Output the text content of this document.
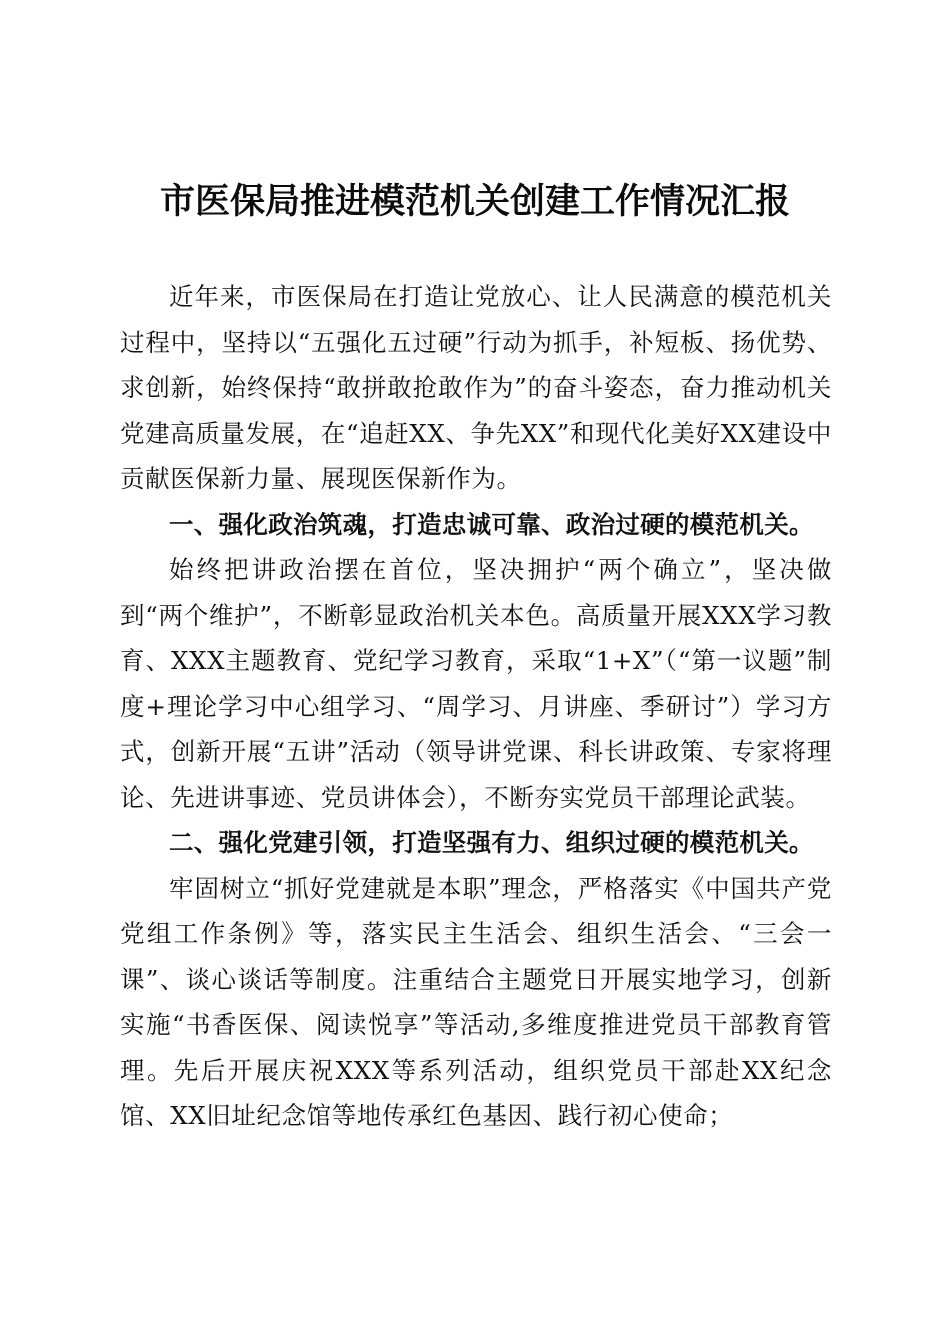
市医保局推进模范机关创建工作情况汇报

近年来，市医保局在打造让党放心、让人民满意的模范机关过程中，坚持以“五强化五过硬”行动为抓手，补短板、扬优势、求创新，始终保持“敢拼敢抢敢作为”的奋斗姿态，奋力推动机关党建高质量发展，在“追赶XX、争先XX”和现代化美好XX建设中贡献医保新力量、展现医保新作为。

一、强化政治筑魂，打造忠诚可靠、政治过硬的模范机关。

始终把讲政治摆在首位，坚决拥护“两个确立”，坚决做到“两个维护”，不断彰显政治机关本色。高质量开展XXX学习教育、XXX主题教育、党纪学习教育，采取“1+X”（“第一议题”制度+理论学习中心组学习、“周学习、月讲座、季研讨”）学习方式，创新开展“五讲”活动（领导讲党课、科长讲政策、专家将理论、先进讲事迹、党员讲体会），不断夯实党员干部理论武装。

二、强化党建引领，打造坚强有力、组织过硬的模范机关。

牢固树立“抓好党建就是本职”理念，严格落实《中国共产党党组工作条例》等，落实民主生活会、组织生活会、“三会一课”、谈心谈话等制度。注重结合主题党日开展实地学习，创新实施“书香医保、阅读悦享”等活动,多维度推进党员干部教育管理。先后开展庆祝XXX等系列活动，组织党员干部赴XX纪念馆、XX旧址纪念馆等地传承红色基因、践行初心使命；
